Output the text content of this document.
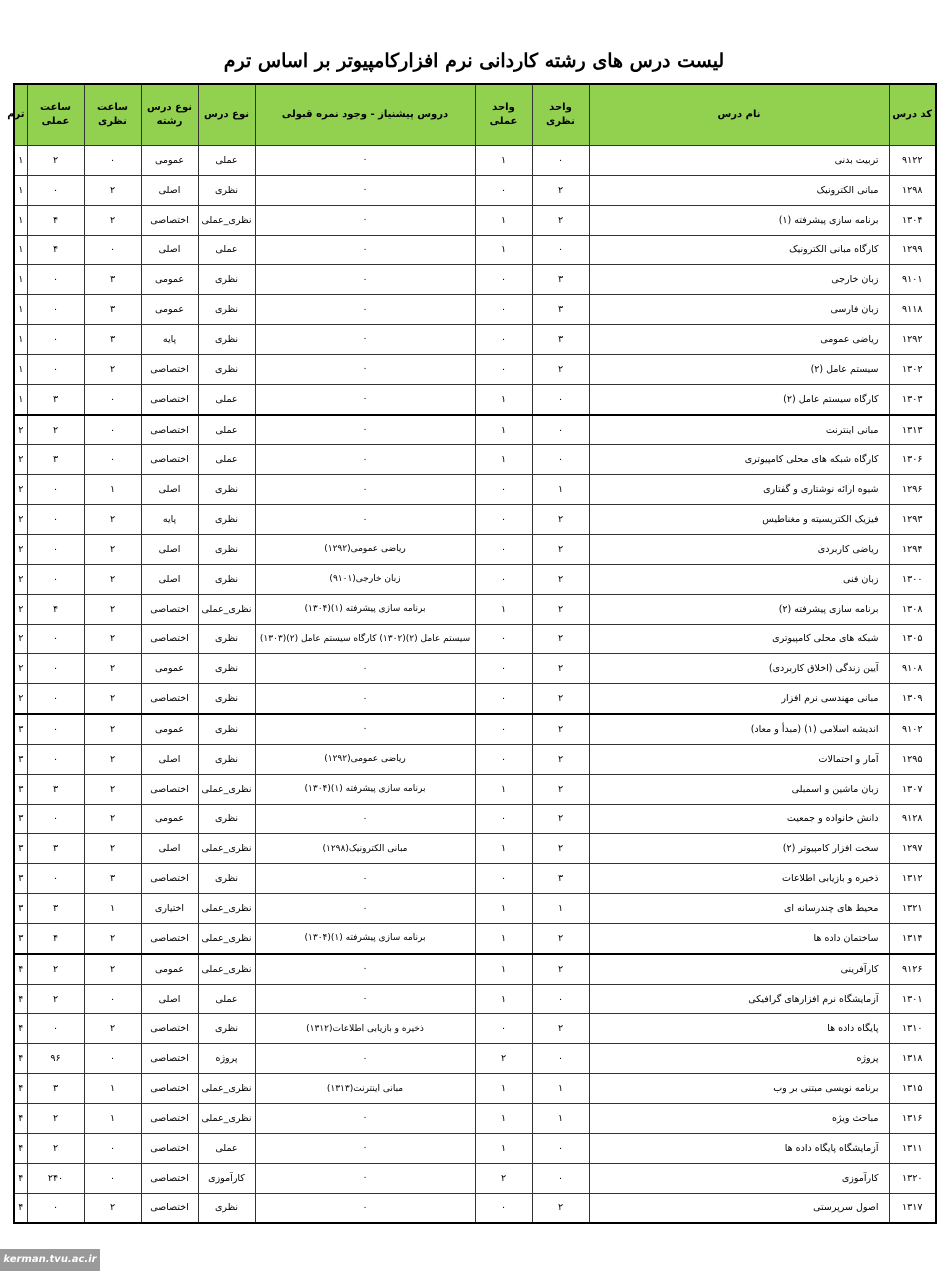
لیست درس های رشته کاردانی نرم افزارکامپیوتر بر اساس ترم
کد درس	نام درس	واحد نظری	واحد عملی	دروس پیشنیاز - وجود نمره قبولی	نوع درس	نوع درس رشته	ساعت نظری	ساعت عملی	ترم
۹۱۲۲	تربیت بدنی	۰	۱	۰	عملی	عمومی	۰	۲	۱
۱۲۹۸	مبانی الکترونیک	۲	۰	۰	نظری	اصلی	۲	۰	۱
۱۳۰۴	برنامه سازی پیشرفته (۱)	۲	۱	۰	نظری_عملی	اختصاصی	۲	۴	۱
۱۲۹۹	کارگاه مبانی الکترونیک	۰	۱	۰	عملی	اصلی	۰	۴	۱
۹۱۰۱	زبان خارجی	۳	۰	۰	نظری	عمومی	۳	۰	۱
۹۱۱۸	زبان فارسی	۳	۰	۰	نظری	عمومی	۳	۰	۱
۱۲۹۲	ریاضی عمومی	۳	۰	۰	نظری	پایه	۳	۰	۱
۱۳۰۲	سیستم عامل (۲)	۲	۰	۰	نظری	اختصاصی	۲	۰	۱
۱۳۰۳	کارگاه سیستم عامل (۲)	۰	۱	۰	عملی	اختصاصی	۰	۳	۱
۱۳۱۳	مبانی اینترنت	۰	۱	۰	عملی	اختصاصی	۰	۲	۲
۱۳۰۶	کارگاه شبکه های محلی کامپیوتری	۰	۱	۰	عملی	اختصاصی	۰	۳	۲
۱۲۹۶	شیوه ارائه نوشتاری و گفتاری	۱	۰	۰	نظری	اصلی	۱	۰	۲
۱۲۹۳	فیزیک الکتریسیته و مغناطیس	۲	۰	۰	نظری	پایه	۲	۰	۲
۱۲۹۴	ریاضی کاربردی	۲	۰	ریاضی عمومی(۱۲۹۲)	نظری	اصلی	۲	۰	۲
۱۳۰۰	زبان فنی	۲	۰	زبان خارجی(۹۱۰۱)	نظری	اصلی	۲	۰	۲
۱۳۰۸	برنامه سازی پیشرفته (۲)	۲	۱	برنامه سازی پیشرفته (۱)(۱۳۰۴)	نظری_عملی	اختصاصی	۲	۴	۲
۱۳۰۵	شبکه های محلی کامپیوتری	۲	۰	سیستم عامل (۲)(۱۳۰۲) کارگاه سیستم عامل (۲)(۱۳۰۳)	نظری	اختصاصی	۲	۰	۲
۹۱۰۸	آیین زندگی (اخلاق کاربردی)	۲	۰	۰	نظری	عمومی	۲	۰	۲
۱۳۰۹	مبانی مهندسی نرم افزار	۲	۰	۰	نظری	اختصاصی	۲	۰	۲
۹۱۰۲	اندیشه اسلامی (۱) (مبدأ و معاد)	۲	۰	۰	نظری	عمومی	۲	۰	۳
۱۲۹۵	آمار و احتمالات	۲	۰	ریاضی عمومی(۱۲۹۲)	نظری	اصلی	۲	۰	۳
۱۳۰۷	زبان ماشین و اسمبلی	۲	۱	برنامه سازی پیشرفته (۱)(۱۳۰۴)	نظری_عملی	اختصاصی	۲	۳	۳
۹۱۲۸	دانش خانواده و جمعیت	۲	۰	۰	نظری	عمومی	۲	۰	۳
۱۲۹۷	سخت افزار کامپیوتر (۲)	۲	۱	مبانی الکترونیک(۱۲۹۸)	نظری_عملی	اصلی	۲	۳	۳
۱۳۱۲	ذخیره و بازیابی اطلاعات	۳	۰	۰	نظری	اختصاصی	۳	۰	۳
۱۳۲۱	محیط های چندرسانه ای	۱	۱	۰	نظری_عملی	اختیاری	۱	۳	۳
۱۳۱۴	ساختمان داده ها	۲	۱	برنامه سازی پیشرفته (۱)(۱۳۰۴)	نظری_عملی	اختصاصی	۲	۴	۳
۹۱۲۶	کارآفرینی	۲	۱	۰	نظری_عملی	عمومی	۲	۲	۴
۱۳۰۱	آزمایشگاه نرم افزارهای گرافیکی	۰	۱	۰	عملی	اصلی	۰	۲	۴
۱۳۱۰	پایگاه داده ها	۲	۰	ذخیره و بازیابی اطلاعات(۱۳۱۲)	نظری	اختصاصی	۲	۰	۴
۱۳۱۸	پروژه	۰	۲	۰	پروژه	اختصاصی	۰	۹۶	۴
۱۳۱۵	برنامه نویسی مبتنی بر وب	۱	۱	مبانی اینترنت(۱۳۱۳)	نظری_عملی	اختصاصی	۱	۳	۴
۱۳۱۶	مباحث ویژه	۱	۱	۰	نظری_عملی	اختصاصی	۱	۲	۴
۱۳۱۱	آزمایشگاه پایگاه داده ها	۰	۱	۰	عملی	اختصاصی	۰	۲	۴
۱۳۲۰	کارآموزی	۰	۲	۰	کارآموزی	اختصاصی	۰	۲۴۰	۴
۱۳۱۷	اصول سرپرستی	۲	۰	۰	نظری	اختصاصی	۲	۰	۴
kerman.tvu.ac.ir
